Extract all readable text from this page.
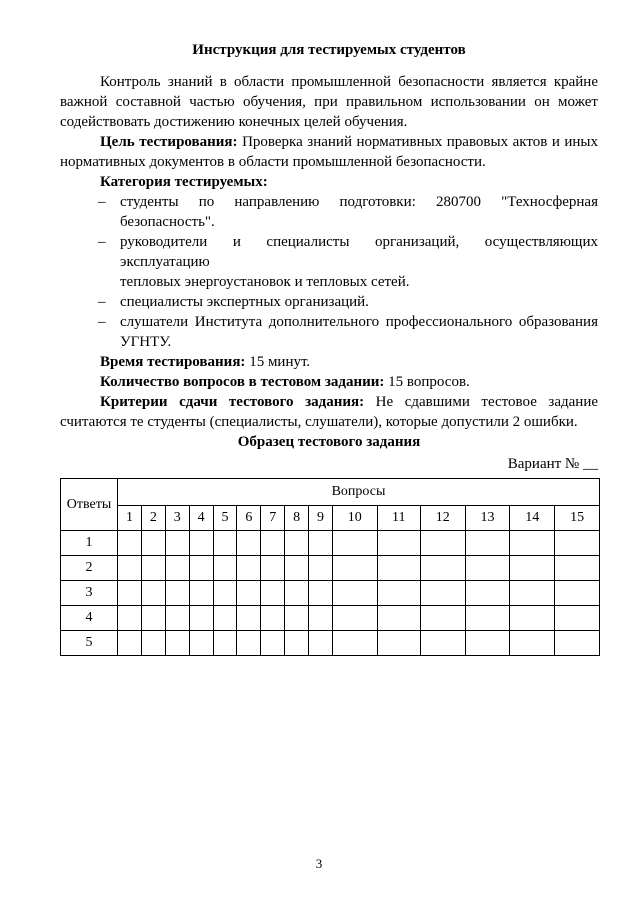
Инструкция для тестируемых студентов

Контроль знаний в области промышленной безопасности является крайне важной составной частью обучения, при правильном использовании он может содействовать достижению конечных целей обучения.

Цель тестирования: Проверка знаний нормативных правовых актов и иных нормативных документов в области промышленной безопасности.

Категория тестируемых:

– студенты по направлению подготовки: 280700 "Техносферная
безопасность".
– руководители и специалисты организаций, осуществляющих эксплуатацию
тепловых энергоустановок и тепловых сетей.
– специалисты экспертных организаций.
– слушатели Института дополнительного профессионального образования
УГНТУ.

Время тестирования: 15 минут.

Количество вопросов в тестовом задании: 15 вопросов.

Критерии сдачи тестового задания: Не сдавшими тестовое задание считаются те студенты (специалисты, слушатели), которые допустили 2 ошибки.

Образец тестового задания
Вариант № __
Ответы	Вопросы														
	1	2	3	4	5	6	7	8	9	10	11	12	13	14	15
1															
2															
3															
4															
5															
3
